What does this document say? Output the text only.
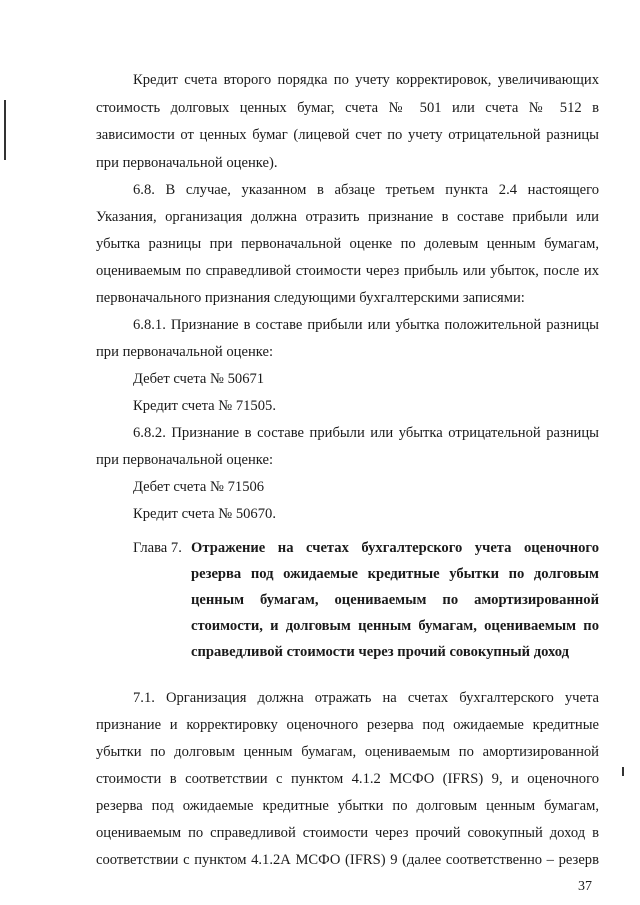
Кредит счета второго порядка по учету корректировок, увеличивающих
стоимость долговых ценных бумаг, счета № 501 или счета № 512 в
зависимости от ценных бумаг (лицевой счет по учету отрицательной разницы
при первоначальной оценке).
6.8. В случае, указанном в абзаце третьем пункта 2.4 настоящего
Указания, организация должна отразить признание в составе прибыли или
убытка разницы при первоначальной оценке по долевым ценным бумагам,
оцениваемым по справедливой стоимости через прибыль или убыток, после их
первоначального признания следующими бухгалтерскими записями:
6.8.1. Признание в составе прибыли или убытка положительной разницы
при первоначальной оценке:
Дебет счета № 50671
Кредит счета № 71505.
6.8.2. Признание в составе прибыли или убытка отрицательной разницы
при первоначальной оценке:
Дебет счета № 71506
Кредит счета № 50670.
Глава 7. Отражение на счетах бухгалтерского учета оценочного
резерва под ожидаемые кредитные убытки по долговым
ценным бумагам, оцениваемым по амортизированной
стоимости, и долговым ценным бумагам, оцениваемым по
справедливой стоимости через прочий совокупный доход
7.1. Организация должна отражать на счетах бухгалтерского учета
признание и корректировку оценочного резерва под ожидаемые кредитные
убытки по долговым ценным бумагам, оцениваемым по амортизированной
стоимости в соответствии с пунктом 4.1.2 МСФО (IFRS) 9, и оценочного
резерва под ожидаемые кредитные убытки по долговым ценным бумагам,
оцениваемым по справедливой стоимости через прочий совокупный доход в
соответствии с пунктом 4.1.2А МСФО (IFRS) 9 (далее соответственно – резерв
37
